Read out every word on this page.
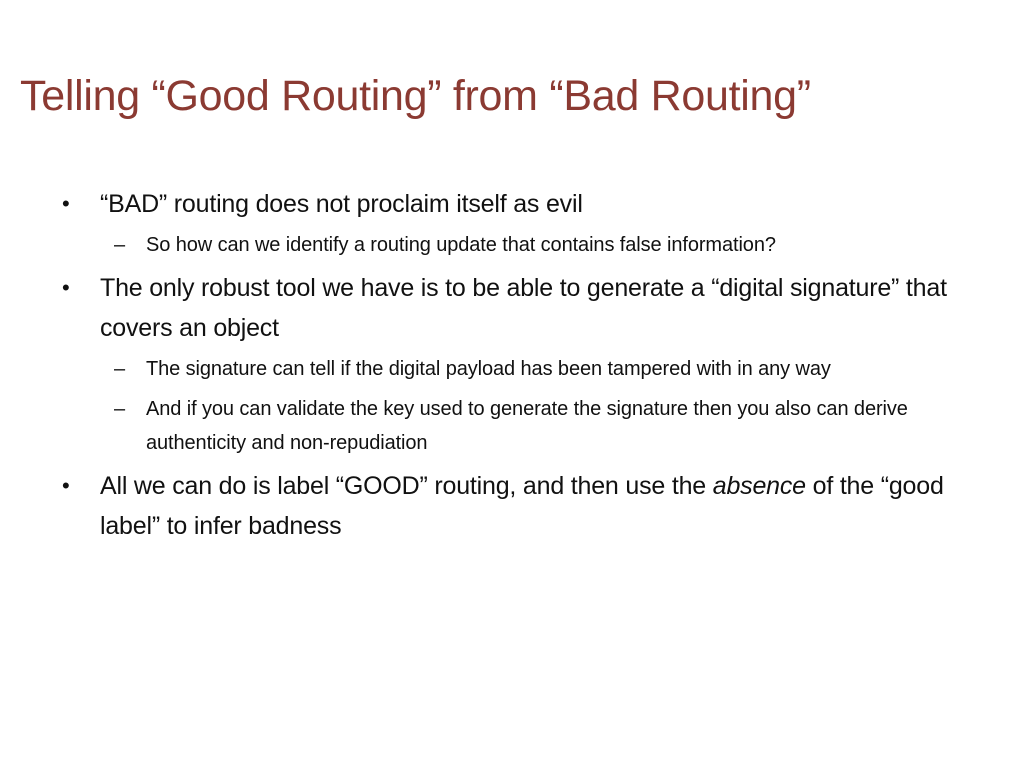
Telling “Good Routing” from “Bad Routing”
• “BAD” routing does not proclaim itself as evil
– So how can we identify a routing update that contains false information?
• The only robust tool we have is to be able to generate a “digital signature” that covers an object
– The signature can tell if the digital payload has been tampered with in any way
– And if you can validate the key used to generate the signature then you also can derive authenticity and non-repudiation
• All we can do is label “GOOD” routing, and then use the absence of the “good label” to infer badness
